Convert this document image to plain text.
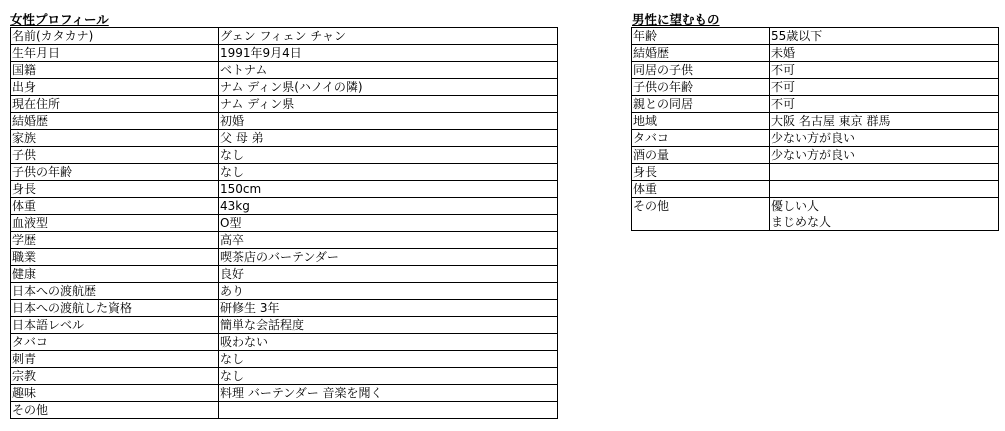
女性プロフィール
名前(カタカナ)	グェン フィェン チャン
生年月日	1991年9月4日
国籍	ベトナム
出身	ナム ディン県(ハノイの隣)
現在住所	ナム ディン県
結婚歴	初婚
家族	父 母 弟
子供	なし
子供の年齢	なし
身長	150cm
体重	43kg
血液型	O型
学歴	高卒
職業	喫茶店のバーテンダー
健康	良好
日本への渡航歴	あり
日本への渡航した資格	研修生 3年
日本語レベル	簡単な会話程度
タバコ	吸わない
刺青	なし
宗教	なし
趣味	料理 バーテンダー 音楽を聞く
その他	
男性に望むもの
年齢	55歳以下
結婚歴	未婚
同居の子供	不可
子供の年齢	不可
親との同居	不可
地域	大阪 名古屋 東京 群馬
タバコ	少ない方が良い
酒の量	少ない方が良い
身長	
体重	
その他	優しい人
まじめな人
